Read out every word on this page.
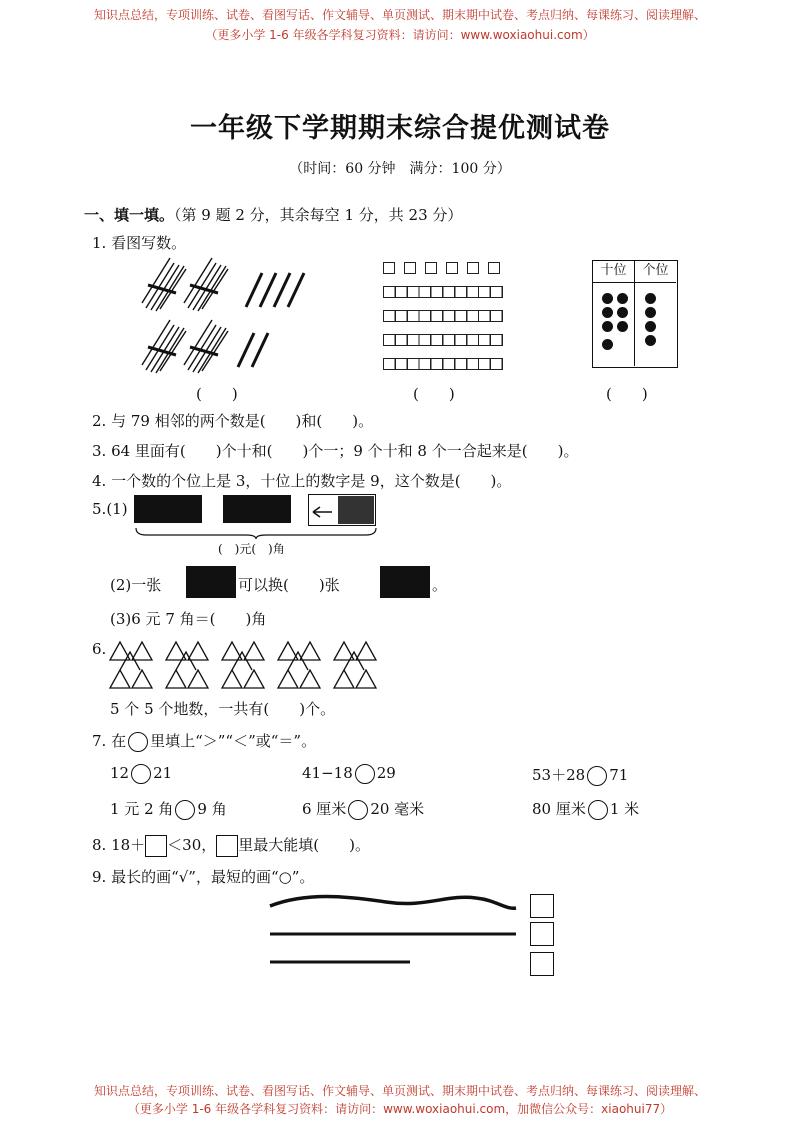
知识点总结，专项训练、试卷、看图写话、作文辅导、单页测试、期末期中试卷、考点归纳、每课练习、阅读理解、
（更多小学 1-6 年级各学科复习资料：请访问：www.woxiaohui.com）
一年级下学期期末综合提优测试卷
（时间：60 分钟　满分：100 分）
一、填一填。（第 9 题 2 分，其余每空 1 分，共 23 分）
1. 看图写数。
(　　)	(　　)
十位	个位
(　　)
2. 与 79 相邻的两个数是(　　)和(　　)。
3. 64 里面有(　　)个十和(　　)个一；9 个十和 8 个一合起来是(　　)。
4. 一个数的个位上是 3，十位上的数字是 9，这个数是(　　)。
5.(1)
(　)元(　)角
(2)一张	可以换(　　)张	。
(3)6 元 7 角＝(　　)角
6.
5 个 5 个地数，一共有(　　)个。
7. 在 里填上“＞”“＜”或“＝”。
12 21	41−18 29	53＋28 71
1 元 2 角 9 角	6 厘米 20 毫米	80 厘米 1 米
8. 18＋ ＜30， 里最大能填(　　)。
9. 最长的画“√”，最短的画“○”。
知识点总结，专项训练、试卷、看图写话、作文辅导、单页测试、期末期中试卷、考点归纳、每课练习、阅读理解、
（更多小学 1-6 年级各学科复习资料：请访问：www.woxiaohui.com，加微信公众号：xiaohui77）
